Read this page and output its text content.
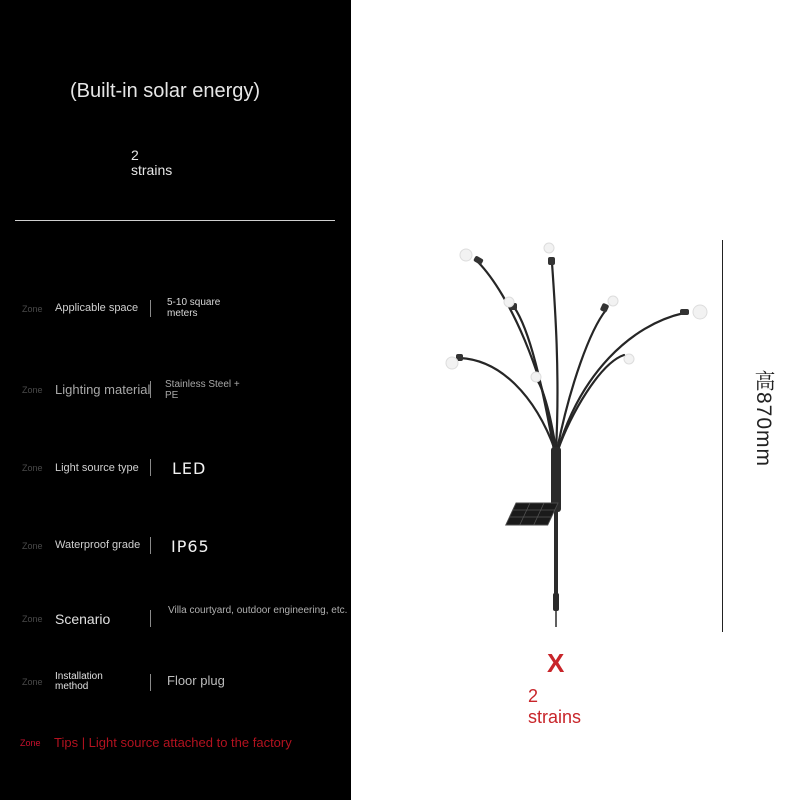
(Built-in solar energy)
2
strains
Zone Applicable space	5-10 square meters
Zone Lighting material Stainless Steel + PE
Zone Light source type LED
Zone Waterproof grade IP65
Zone Scenario
Villa courtyard, outdoor engineering, etc.
Zone Installation method	Floor plug
Zone Tips | Light source attached to the factory
高870mm
X
2
strains
